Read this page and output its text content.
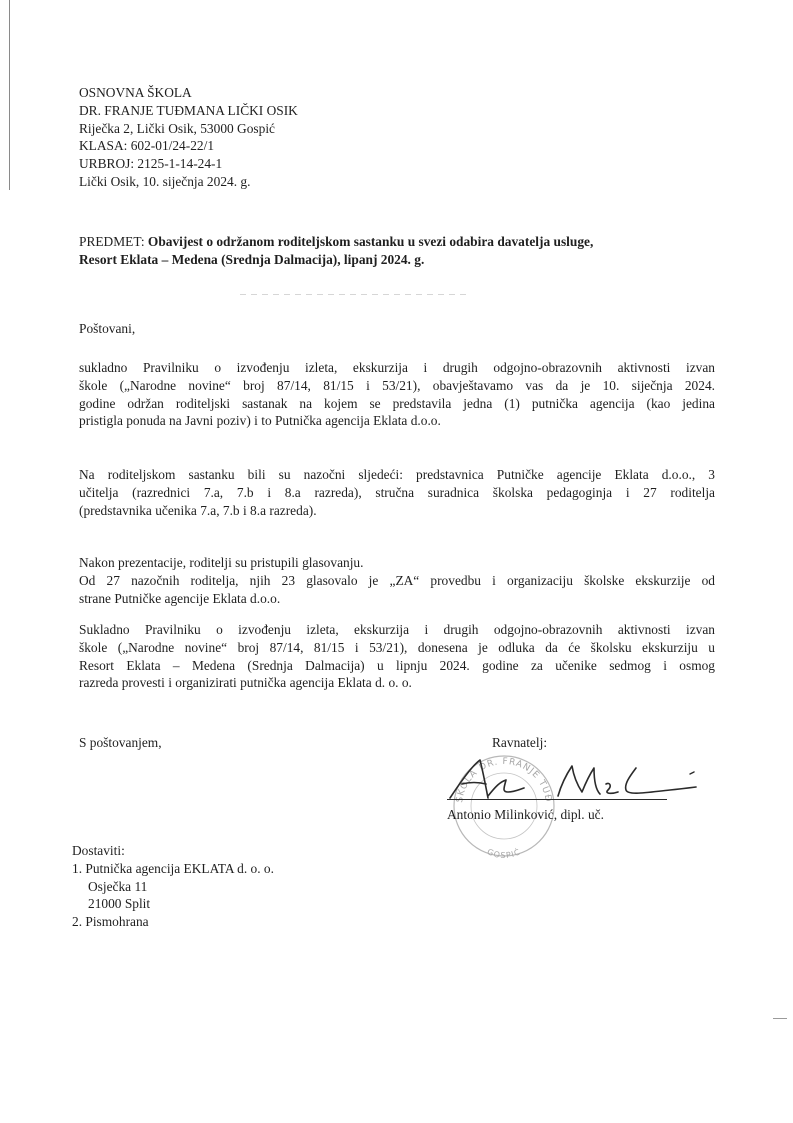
OSNOVNA ŠKOLA
DR. FRANJE TUĐMANA LIČKI OSIK
Riječka 2, Lički Osik, 53000 Gospić
KLASA: 602-01/24-22/1
URBROJ: 2125-1-14-24-1
Lički Osik, 10. siječnja 2024. g.
PREDMET: Obavijest o održanom roditeljskom sastanku u svezi odabira davatelja usluge,
Resort Eklata – Medena (Srednja Dalmacija), lipanj 2024. g.
Poštovani,
sukladno Pravilniku o izvođenju izleta, ekskurzija i drugih odgojno-obrazovnih aktivnosti izvan
škole („Narodne novine“ broj 87/14, 81/15 i 53/21), obavještavamo vas da je 10. siječnja 2024.
godine održan roditeljski sastanak na kojem se predstavila jedna (1) putnička agencija (kao jedina
pristigla ponuda na Javni poziv) i to Putnička agencija Eklata d.o.o.
Na roditeljskom sastanku bili su nazočni sljedeći: predstavnica Putničke agencije Eklata d.o.o., 3
učitelja (razrednici 7.a, 7.b i 8.a razreda), stručna suradnica školska pedagoginja i 27 roditelja
(predstavnika učenika 7.a, 7.b i 8.a razreda).
Nakon prezentacije, roditelji su pristupili glasovanju.
Od 27 nazočnih roditelja, njih 23 glasovalo je „ZA“ provedbu i organizaciju školske ekskurzije od
strane Putničke agencije Eklata d.o.o.
Sukladno Pravilniku o izvođenju izleta, ekskurzija i drugih odgojno-obrazovnih aktivnosti izvan
škole („Narodne novine“ broj 87/14, 81/15 i 53/21), donesena je odluka da će školsku ekskurziju u
Resort Eklata – Medena (Srednja Dalmacija) u lipnju 2024. godine za učenike sedmog i osmog
razreda provesti i organizirati putnička agencija Eklata d. o. o.
S poštovanjem,	Ravnatelj:
KOLA DR. FRANJE TU
GOSPIĆ
Antonio Milinković, dipl. uč.
Dostaviti:
1. Putnička agencija EKLATA d. o. o.
Osječka 11
21000 Split
2. Pismohrana
